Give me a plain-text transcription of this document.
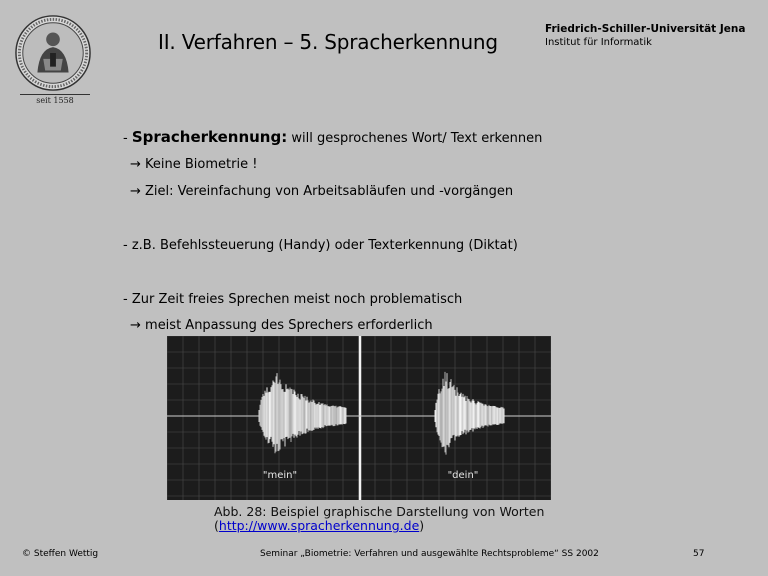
seit 1558
II. Verfahren – 5. Spracherkennung
Friedrich-Schiller-Universität Jena
Institut für Informatik
- Spracherkennung: will gesprochenes Wort/ Text erkennen
→ Keine Biometrie !
→ Ziel: Vereinfachung von Arbeitsabläufen und -vorgängen
- z.B. Befehlssteuerung (Handy) oder Texterkennung (Diktat)
- Zur Zeit freies Sprechen meist noch problematisch
→ meist Anpassung des Sprechers erforderlich
"mein"	"dein"
Abb. 28: Beispiel graphische Darstellung von Worten
(http://www.spracherkennung.de)
© Steffen Wettig	Seminar „Biometrie: Verfahren und ausgewählte Rechtsprobleme“ SS 2002	57
